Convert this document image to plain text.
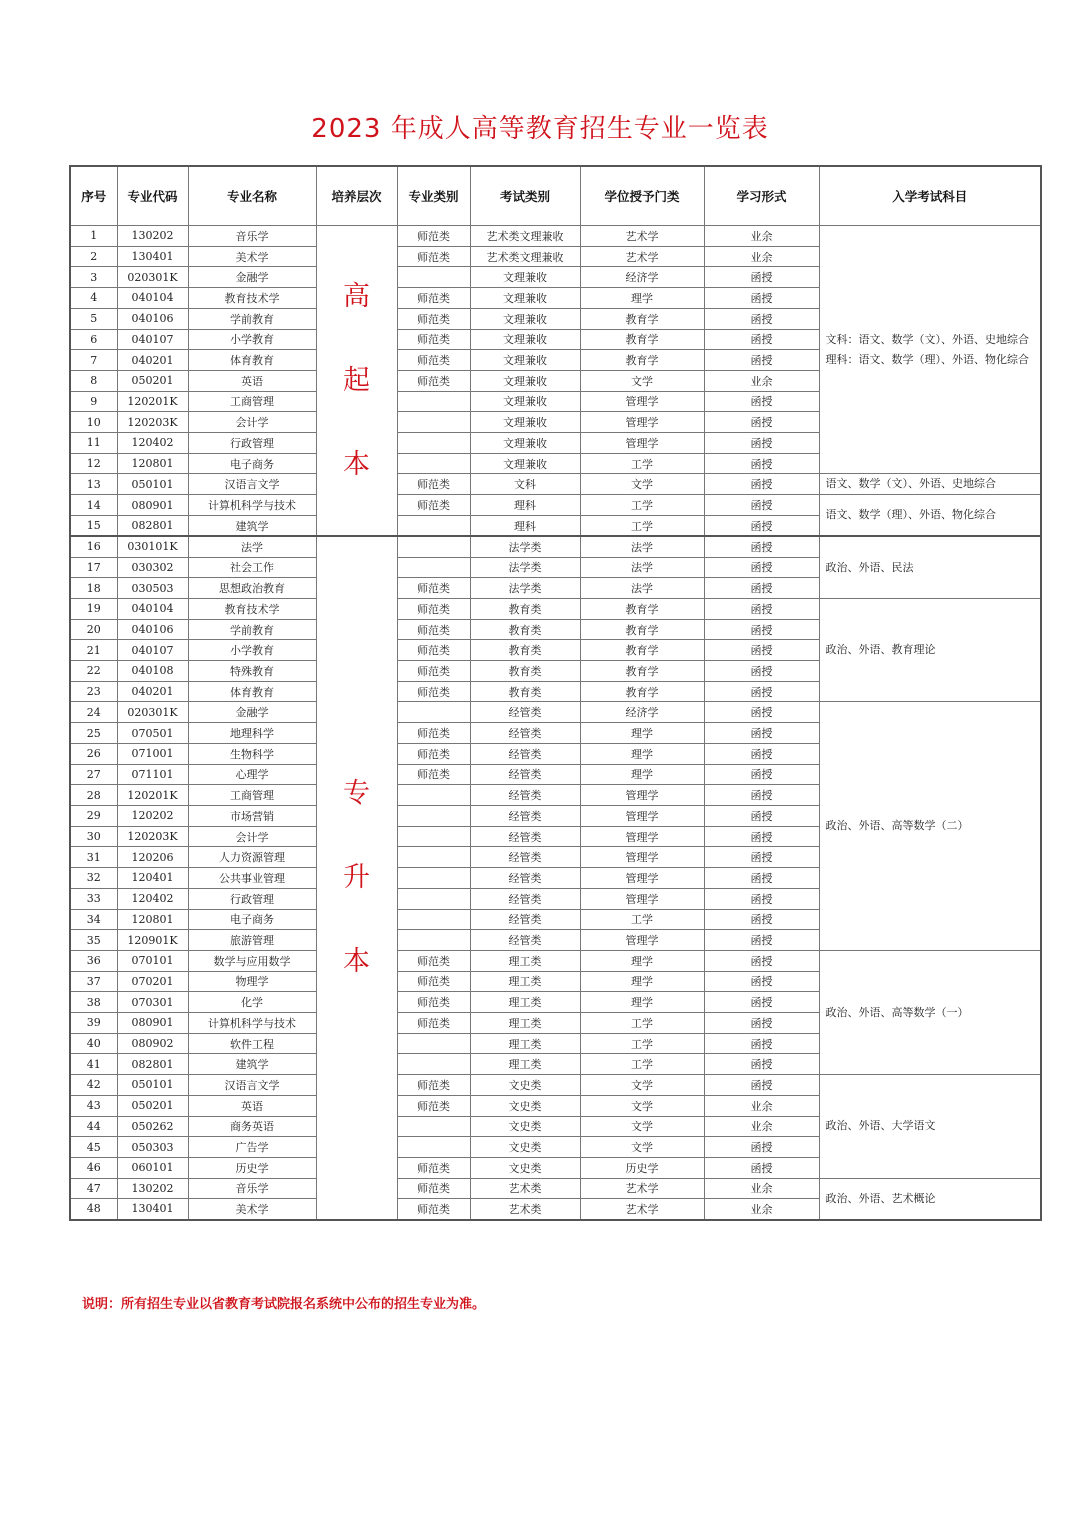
2023 年成人高等教育招生专业一览表
序号	专业代码	专业名称	培养层次	专业类别	考试类别	学位授予门类	学习形式	入学考试科目
1	130202	音乐学	高起本	师范类	艺术类文理兼收	艺术学	业余	文科：语文、数学（文）、外语、史地综合 理科：语文、数学（理）、外语、物化综合
2	130401	美术学		师范类	艺术类文理兼收	艺术学	业余	
3	020301K	金融学			文理兼收	经济学	函授	
4	040104	教育技术学		师范类	文理兼收	理学	函授	
5	040106	学前教育		师范类	文理兼收	教育学	函授	
6	040107	小学教育		师范类	文理兼收	教育学	函授	
7	040201	体育教育		师范类	文理兼收	教育学	函授	
8	050201	英语		师范类	文理兼收	文学	业余	
9	120201K	工商管理			文理兼收	管理学	函授	
10	120203K	会计学			文理兼收	管理学	函授	
11	120402	行政管理			文理兼收	管理学	函授	
12	120801	电子商务			文理兼收	工学	函授	
13	050101	汉语言文学		师范类	文科	文学	函授	语文、数学（文）、外语、史地综合
14	080901	计算机科学与技术		师范类	理科	工学	函授	语文、数学（理）、外语、物化综合
15	082801	建筑学			理科	工学	函授	
16	030101K	法学	专升本		法学类	法学	函授	政治、外语、民法
17	030302	社会工作			法学类	法学	函授	
18	030503	思想政治教育		师范类	法学类	法学	函授	
19	040104	教育技术学		师范类	教育类	教育学	函授	政治、外语、教育理论
20	040106	学前教育		师范类	教育类	教育学	函授	
21	040107	小学教育		师范类	教育类	教育学	函授	
22	040108	特殊教育		师范类	教育类	教育学	函授	
23	040201	体育教育		师范类	教育类	教育学	函授	
24	020301K	金融学			经管类	经济学	函授	政治、外语、高等数学（二）
25	070501	地理科学		师范类	经管类	理学	函授	
26	071001	生物科学		师范类	经管类	理学	函授	
27	071101	心理学		师范类	经管类	理学	函授	
28	120201K	工商管理			经管类	管理学	函授	
29	120202	市场营销			经管类	管理学	函授	
30	120203K	会计学			经管类	管理学	函授	
31	120206	人力资源管理			经管类	管理学	函授	
32	120401	公共事业管理			经管类	管理学	函授	
33	120402	行政管理			经管类	管理学	函授	
34	120801	电子商务			经管类	工学	函授	
35	120901K	旅游管理			经管类	管理学	函授	
36	070101	数学与应用数学		师范类	理工类	理学	函授	政治、外语、高等数学（一）
37	070201	物理学		师范类	理工类	理学	函授	
38	070301	化学		师范类	理工类	理学	函授	
39	080901	计算机科学与技术		师范类	理工类	工学	函授	
40	080902	软件工程			理工类	工学	函授	
41	082801	建筑学			理工类	工学	函授	
42	050101	汉语言文学		师范类	文史类	文学	函授	政治、外语、大学语文
43	050201	英语		师范类	文史类	文学	业余	
44	050262	商务英语			文史类	文学	业余	
45	050303	广告学			文史类	文学	函授	
46	060101	历史学		师范类	文史类	历史学	函授	
47	130202	音乐学		师范类	艺术类	艺术学	业余	政治、外语、艺术概论
48	130401	美术学		师范类	艺术类	艺术学	业余	
说明：所有招生专业以省教育考试院报名系统中公布的招生专业为准。
